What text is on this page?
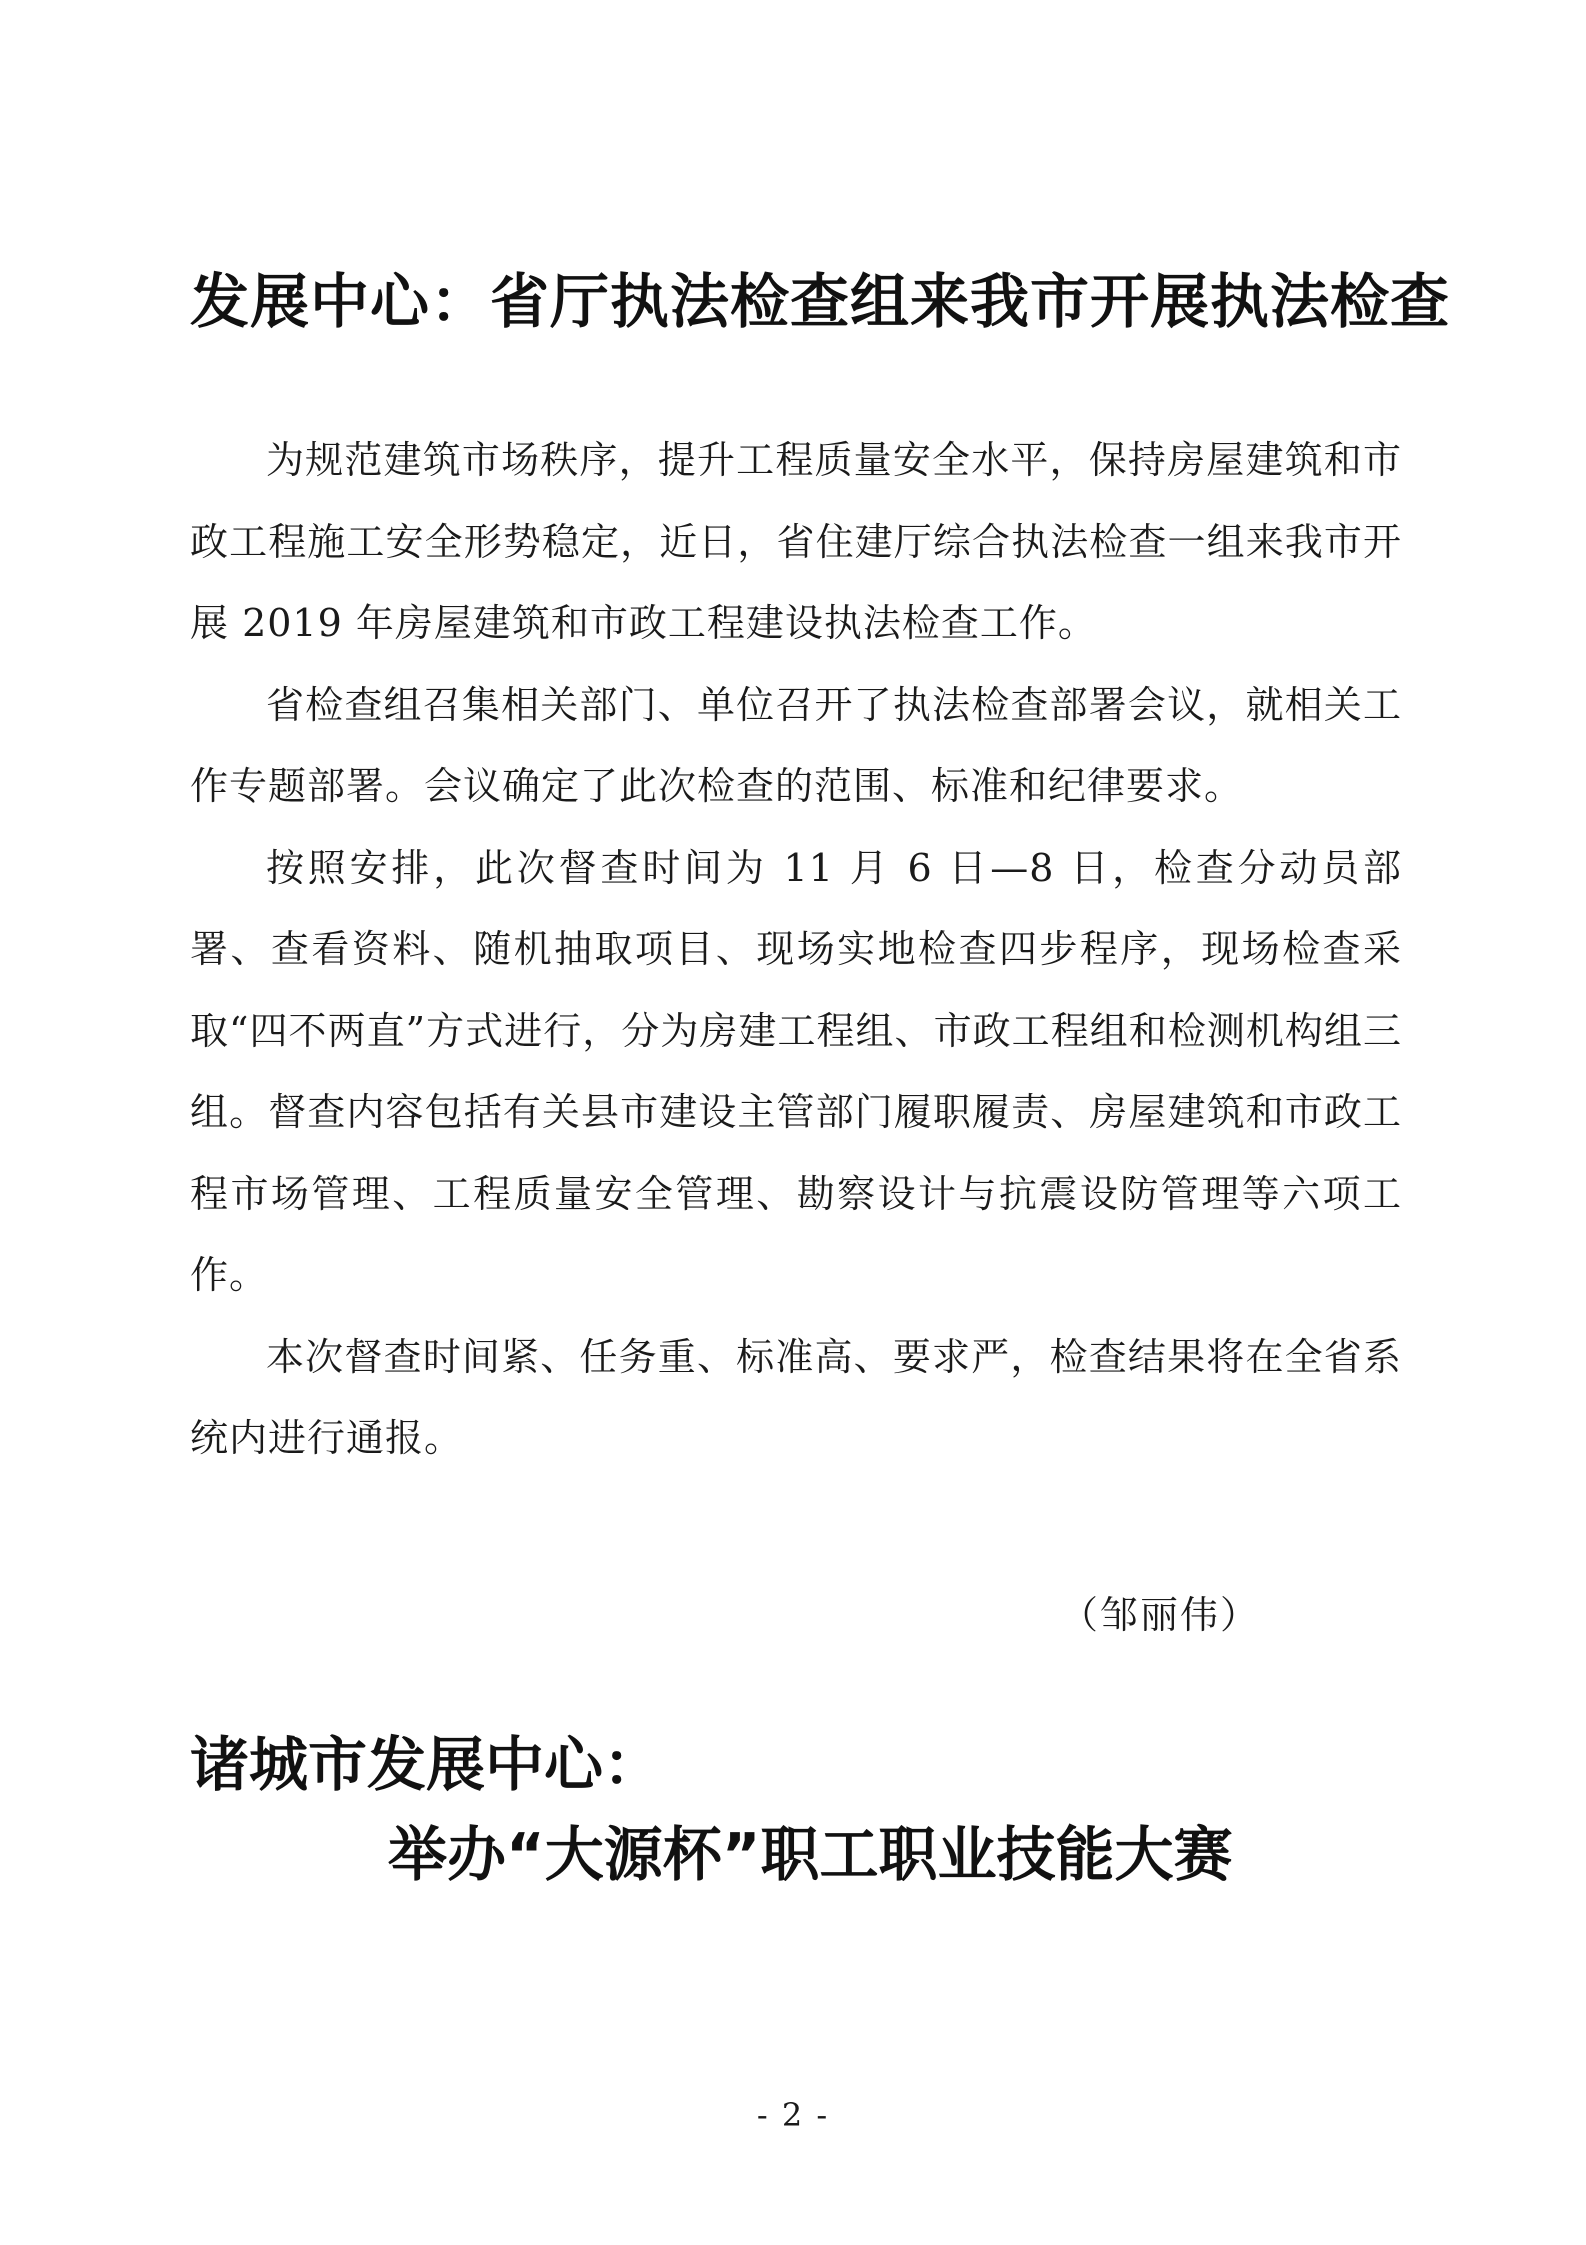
发展中心：省厅执法检查组来我市开展执法检查

为规范建筑市场秩序，提升工程质量安全水平，保持房屋建筑和市政工程施工安全形势稳定，近日，省住建厅综合执法检查一组来我市开展 2019 年房屋建筑和市政工程建设执法检查工作。

省检查组召集相关部门、单位召开了执法检查部署会议，就相关工作专题部署。会议确定了此次检查的范围、标准和纪律要求。

按照安排，此次督查时间为 11 月 6 日—8 日，检查分动员部署、查看资料、随机抽取项目、现场实地检查四步程序，现场检查采取“四不两直”方式进行，分为房建工程组、市政工程组和检测机构组三组。督查内容包括有关县市建设主管部门履职履责、房屋建筑和市政工程市场管理、工程质量安全管理、勘察设计与抗震设防管理等六项工作。

本次督查时间紧、任务重、标准高、要求严，检查结果将在全省系统内进行通报。

（邹丽伟）
诸城市发展中心：
举办“大源杯”职工职业技能大赛
- 2 -
